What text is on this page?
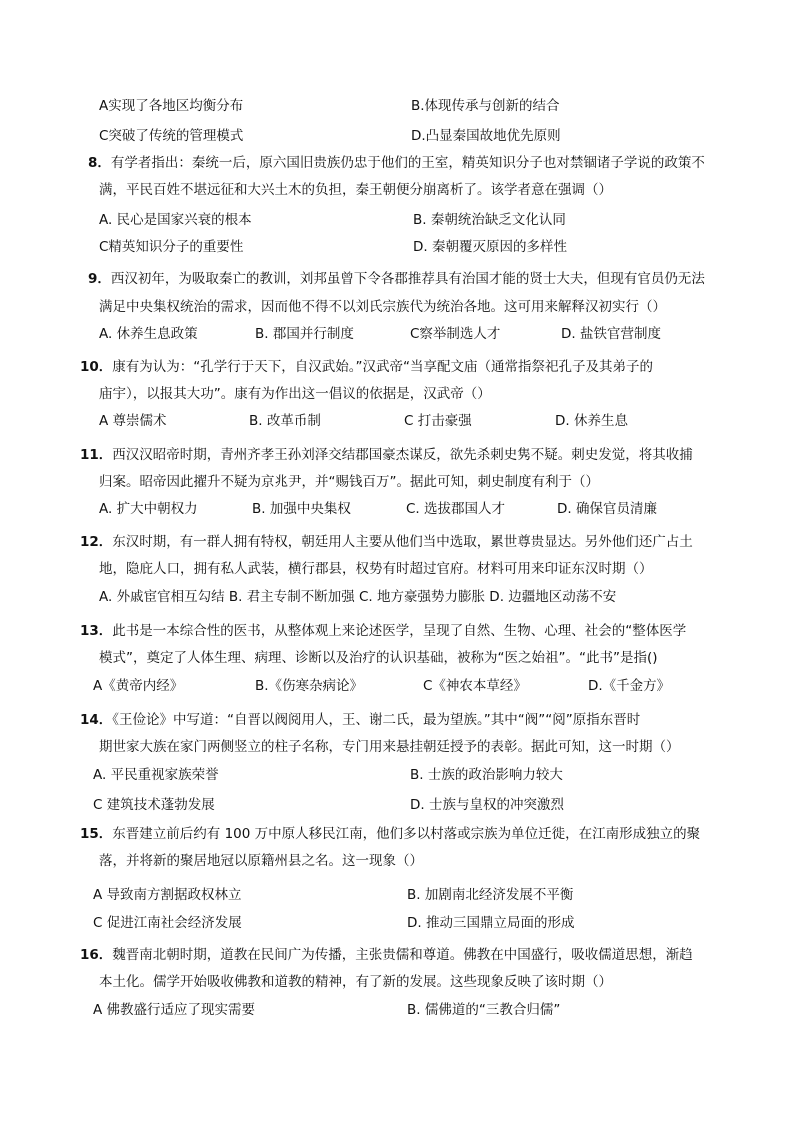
A实现了各地区均衡分布	B.体现传承与创新的结合
C突破了传统的管理模式	D.凸显秦国故地优先原则
8．有学者指出：秦统一后，原六国旧贵族仍忠于他们的王室，精英知识分子也对禁锢诸子学说的政策不
满，平民百姓不堪远征和大兴土木的负担，秦王朝便分崩离析了。该学者意在强调（）
A. 民心是国家兴衰的根本	B. 秦朝统治缺乏文化认同
C精英知识分子的重要性	D. 秦朝覆灭原因的多样性
9．西汉初年，为吸取秦亡的教训，刘邦虽曾下令各郡推荐具有治国才能的贤士大夫，但现有官员仍无法
满足中央集权统治的需求，因而他不得不以刘氏宗族代为统治各地。这可用来解释汉初实行（）
A. 休养生息政策	B. 郡国并行制度	C察举制选人才	D. 盐铁官营制度
10．康有为认为：“孔学行于天下，自汉武始。”汉武帝“当享配文庙（通常指祭祀孔子及其弟子的
庙宇），以报其大功”。康有为作出这一倡议的依据是，汉武帝（）
A 尊崇儒术	B. 改革币制	C 打击豪强	D. 休养生息
11．西汉汉昭帝时期，青州齐孝王孙刘泽交结郡国豪杰谋反，欲先杀刺史隽不疑。刺史发觉，将其收捕
归案。昭帝因此擢升不疑为京兆尹，并“赐钱百万”。据此可知，刺史制度有利于（）
A. 扩大中朝权力	B. 加强中央集权	C. 选拔郡国人才	D. 确保官员清廉
12．东汉时期，有一群人拥有特权，朝廷用人主要从他们当中选取，累世尊贵显达。另外他们还广占土
地，隐庇人口，拥有私人武装，横行郡县，权势有时超过官府。材料可用来印证东汉时期（）
A. 外戚宦官相互勾结 B. 君主专制不断加强 C. 地方豪强势力膨胀 D. 边疆地区动荡不安
13．此书是一本综合性的医书，从整体观上来论述医学，呈现了自然、生物、心理、社会的“整体医学
模式”，奠定了人体生理、病理、诊断以及治疗的认识基础，被称为“医之始祖”。“此书”是指()
A《黄帝内经》	B.《伤寒杂病论》	C《神农本草经》	D.《千金方》
14．《王俭论》中写道：“自晋以阀阅用人，王、谢二氏，最为望族。”其中“阀”“阅”原指东晋时
期世家大族在家门两侧竖立的柱子名称，专门用来悬挂朝廷授予的表彰。据此可知，这一时期（）
A. 平民重视家族荣誉	B. 士族的政治影响力较大
C 建筑技术蓬勃发展	D. 士族与皇权的冲突激烈
15．东晋建立前后约有 100 万中原人移民江南，他们多以村落或宗族为单位迁徙，在江南形成独立的聚
落，并将新的聚居地冠以原籍州县之名。这一现象（）
A 导致南方割据政权林立	B. 加剧南北经济发展不平衡
C 促进江南社会经济发展	D. 推动三国鼎立局面的形成
16．魏晋南北朝时期，道教在民间广为传播，主张贵儒和尊道。佛教在中国盛行，吸收儒道思想，渐趋
本土化。儒学开始吸收佛教和道教的精神，有了新的发展。这些现象反映了该时期（）
A 佛教盛行适应了现实需要	B. 儒佛道的“三教合归儒”
